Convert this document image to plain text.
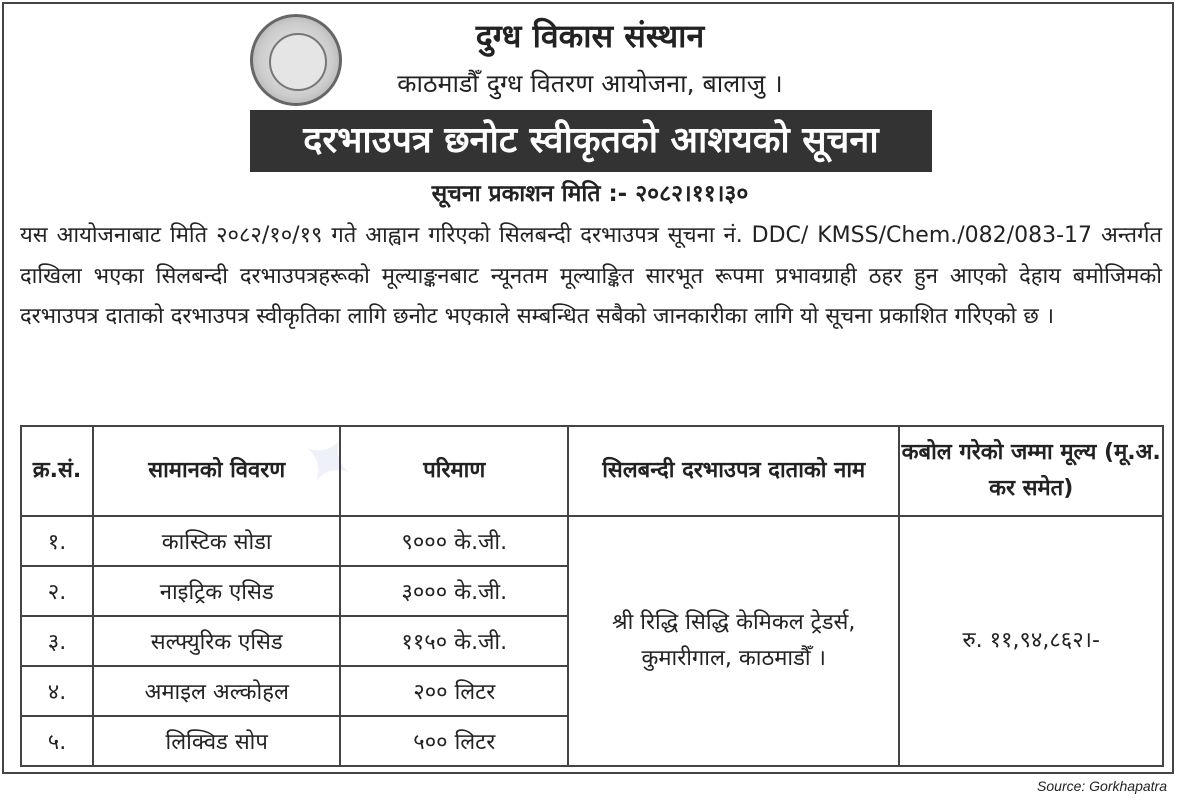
✦
दुग्ध विकास संस्थान
काठमाडौँ दुग्ध वितरण आयोजना, बालाजु ।
दरभाउपत्र छनोट स्वीकृतको आशयको सूचना
सूचना प्रकाशन मिति :- २०८२।११।३०
यस आयोजनाबाट मिति २०८२/१०/१९ गते आह्वान गरिएको सिलबन्दी दरभाउपत्र सूचना नं. DDC/ KMSS/Chem./082/083-17 अन्तर्गत दाखिला भएका सिलबन्दी दरभाउपत्रहरूको मूल्याङ्कनबाट न्यूनतम मूल्याङ्कित सारभूत रूपमा प्रभावग्राही ठहर हुन आएको देहाय बमोजिमको दरभाउपत्र दाताको दरभाउपत्र स्वीकृतिका लागि छनोट भएकाले सम्बन्धित सबैको जानकारीका लागि यो सूचना प्रकाशित गरिएको छ ।
क्र.सं.	सामानको विवरण	परिमाण	सिलबन्दी दरभाउपत्र दाताको नाम	कबोल गरेको जम्मा मूल्य (मू.अ. कर समेत)
१.	कास्टिक सोडा	९००० के.जी.	श्री रिद्धि सिद्धि केमिकल ट्रेडर्स, कुमारीगाल, काठमाडौँ ।	रु. ११,९४,८६२।-
२.	नाइट्रिक एसिड	३००० के.जी.		
३.	सल्फ्युरिक एसिड	११५० के.जी.		
४.	अमाइल अल्कोहल	२०० लिटर		
५.	लिक्विड सोप	५०० लिटर		
Source: Gorkhapatra
